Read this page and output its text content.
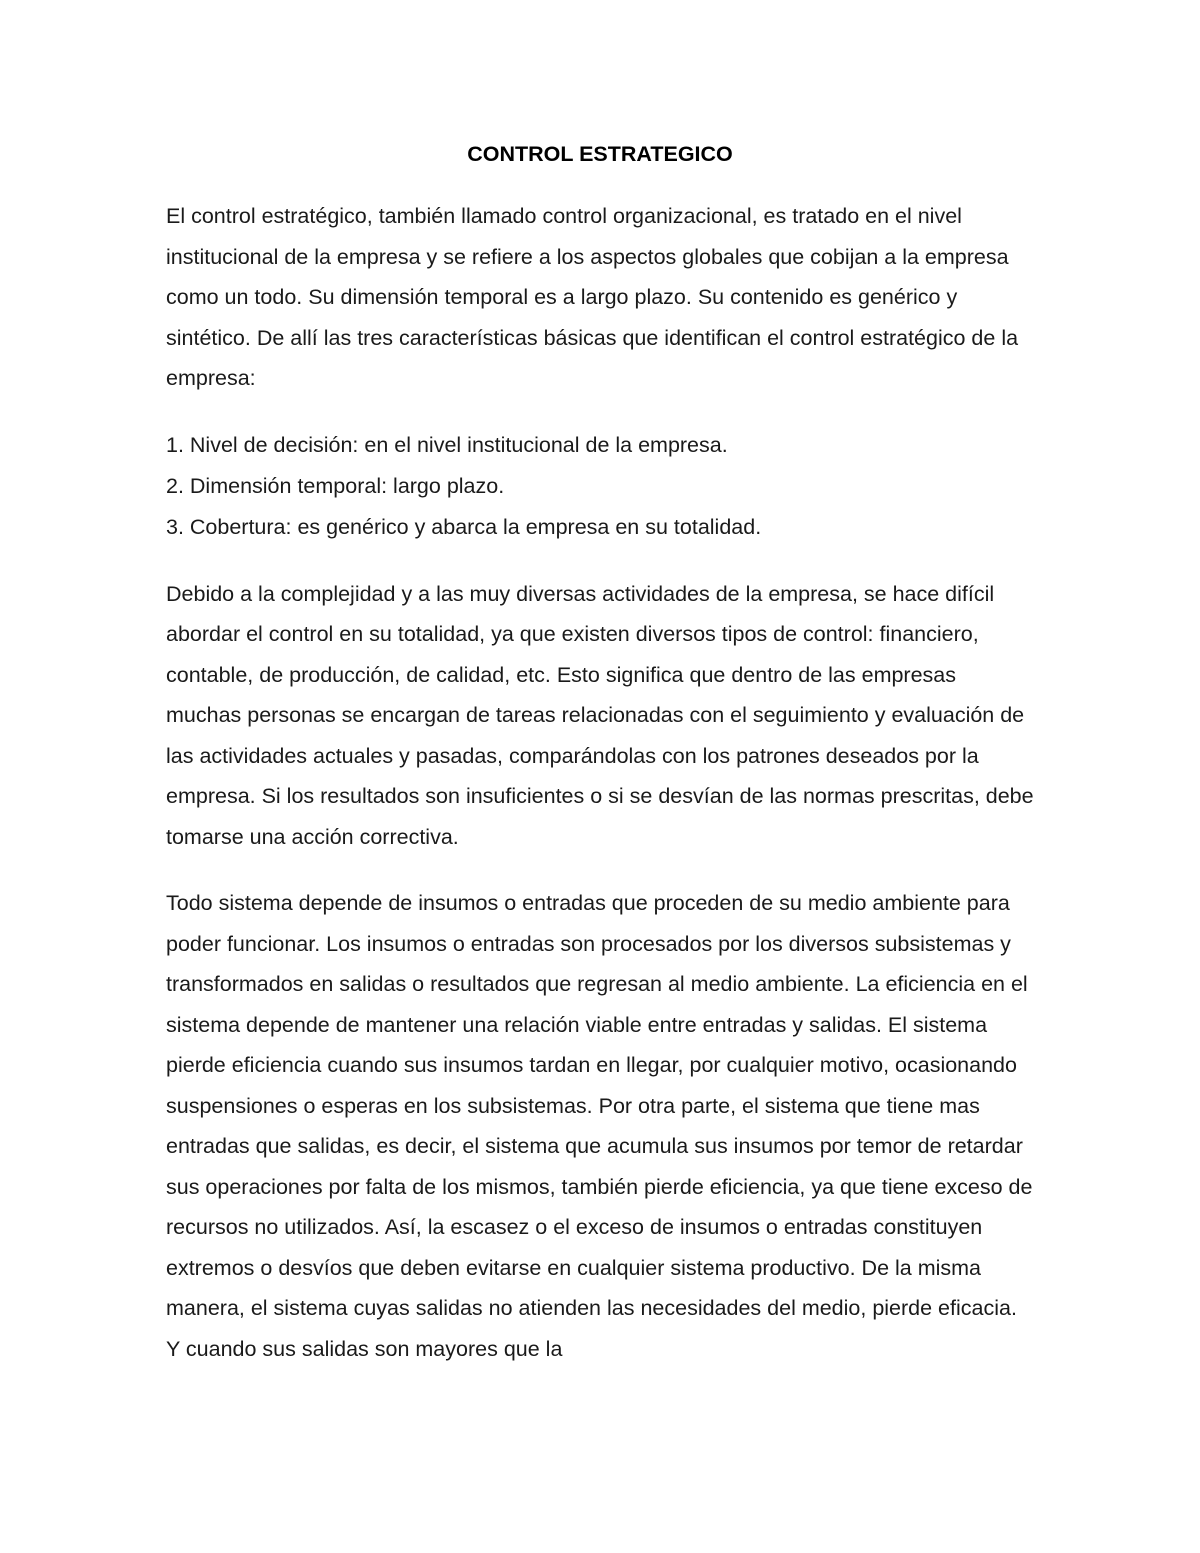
CONTROL ESTRATEGICO

El control estratégico, también llamado control organizacional, es tratado en el nivel institucional de la empresa y se refiere a los aspectos globales que cobijan a la empresa como un todo. Su dimensión temporal es a largo plazo. Su contenido es genérico y sintético. De allí las tres características básicas que identifican el control estratégico de la empresa:

1. Nivel de decisión: en el nivel institucional de la empresa.
2. Dimensión temporal: largo plazo.
3. Cobertura: es genérico y abarca la empresa en su totalidad.

Debido a la complejidad y a las muy diversas actividades de la empresa, se hace difícil abordar el control en su totalidad, ya que existen diversos tipos de control: financiero, contable, de producción, de calidad, etc. Esto significa que dentro de las empresas muchas personas se encargan de tareas relacionadas con el seguimiento y evaluación de las actividades actuales y pasadas, comparándolas con los patrones deseados por la empresa. Si los resultados son insuficientes o si se desvían de las normas prescritas, debe tomarse una acción correctiva.

Todo sistema depende de insumos o entradas que proceden de su medio ambiente para poder funcionar. Los insumos o entradas son procesados por los diversos subsistemas y transformados en salidas o resultados que regresan al medio ambiente. La eficiencia en el sistema depende de mantener una relación viable entre entradas y salidas. El sistema pierde eficiencia cuando sus insumos tardan en llegar, por cualquier motivo, ocasionando suspensiones o esperas en los subsistemas. Por otra parte, el sistema que tiene mas entradas que salidas, es decir, el sistema que acumula sus insumos por temor de retardar sus operaciones por falta de los mismos, también pierde eficiencia, ya que tiene exceso de recursos no utilizados. Así, la escasez o el exceso de insumos o entradas constituyen extremos o desvíos que deben evitarse en cualquier sistema productivo. De la misma manera, el sistema cuyas salidas no atienden las necesidades del medio, pierde eficacia. Y cuando sus salidas son mayores que la
